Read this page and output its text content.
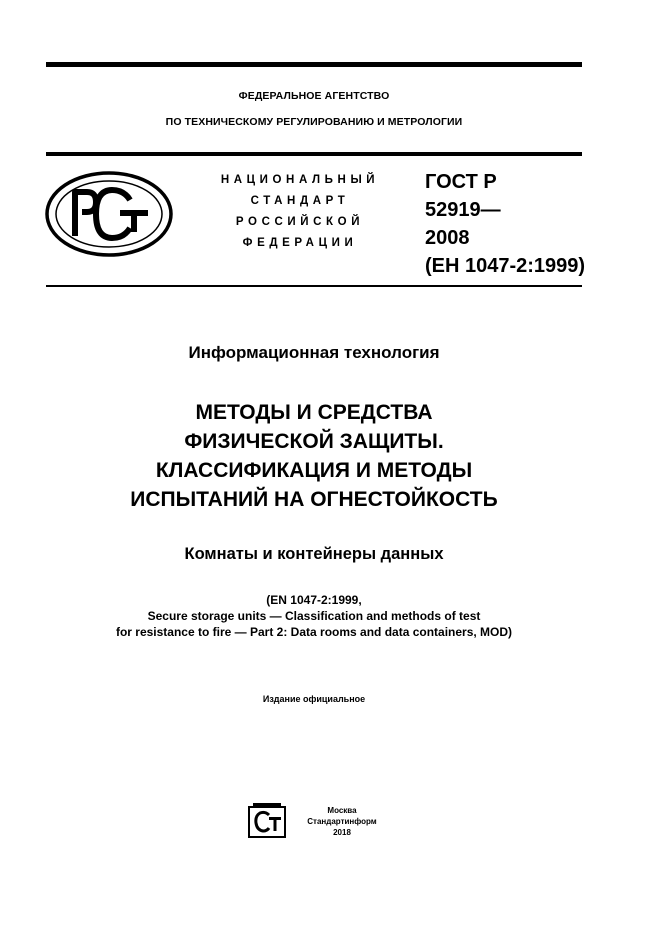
ФЕДЕРАЛЬНОЕ АГЕНТСТВО
ПО ТЕХНИЧЕСКОМУ РЕГУЛИРОВАНИЮ И МЕТРОЛОГИИ
НАЦИОНАЛЬНЫЙ
СТАНДАРТ
РОССИЙСКОЙ
ФЕДЕРАЦИИ
ГОСТ Р
52919—
2008
(ЕН 1047-2:1999)
Информационная технология
МЕТОДЫ И СРЕДСТВА
ФИЗИЧЕСКОЙ ЗАЩИТЫ.
КЛАССИФИКАЦИЯ И МЕТОДЫ
ИСПЫТАНИЙ НА ОГНЕСТОЙКОСТЬ
Комнаты и контейнеры данных
(EN 1047-2:1999,
Secure storage units — Classification and methods of test
for resistance to fire — Part 2: Data rooms and data containers, MOD)
Издание официальное
Москва
Стандартинформ
2018
